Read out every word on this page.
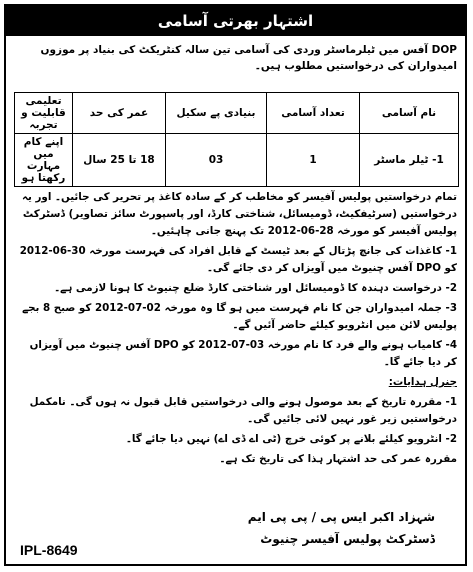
اشتہار بھرتی آسامی
DOP آفس میں ٹیلرماسٹر وردی کی آسامی تین سالہ کنٹریکٹ کی بنیاد پر موزوں امیدواران کی درخواستیں مطلوب ہیں۔
نام آسامی	تعداد آسامی	بنیادی پے سکیل	عمر کی حد	تعلیمی قابلیت و تجربہ
1- ٹیلر ماسٹر	1	03	18 تا 25 سال	اپنے کام میں مہارت رکھتا ہو

تمام درخواستیں پولیس آفیسر کو مخاطب کر کے سادہ کاغذ پر تحریر کی جائیں۔ اور یہ درخواستیں (سرٹیفکیٹ، ڈومیسائل، شناختی کارڈ، اور پاسپورٹ سائز تصاویر) ڈسٹرکٹ پولیس آفیسر کو مورخہ 28-06-2012 تک پہنچ جانی چاہئیں۔

1- کاغذات کی جانچ پڑتال کے بعد ٹیسٹ کے قابل افراد کی فہرست مورخہ 30-06-2012 کو DPO آفس چنیوٹ میں آویزاں کر دی جائے گی۔

2- درخواست دہندہ کا ڈومیسائل اور شناختی کارڈ ضلع چنیوٹ کا ہونا لازمی ہے۔

3- جملہ امیدواران جن کا نام فہرست میں ہو گا وہ مورخہ 02-07-2012 کو صبح 8 بجے پولیس لائن میں انٹرویو کیلئے حاضر آئیں گے۔

4- کامیاب ہونے والے فرد کا نام مورخہ 03-07-2012 کو DPO آفس چنیوٹ میں آویزاں کر دیا جائے گا۔

جنرل ہدایات:

1- مقررہ تاریخ کے بعد موصول ہونے والی درخواستیں قابل قبول نہ ہوں گی۔ نامکمل درخواستیں زیر غور نہیں لائی جائیں گی۔

2- انٹرویو کیلئے بلانے پر کوئی خرچ (ٹی اے ڈی اے) نہیں دیا جائے گا۔

مقررہ عمر کی حد اشتہار ہذا کی تاریخ تک ہے۔

شہزاد اکبر ایس پی / پی پی ایم
ڈسٹرکٹ پولیس آفیسر چنیوٹ
IPL-8649
